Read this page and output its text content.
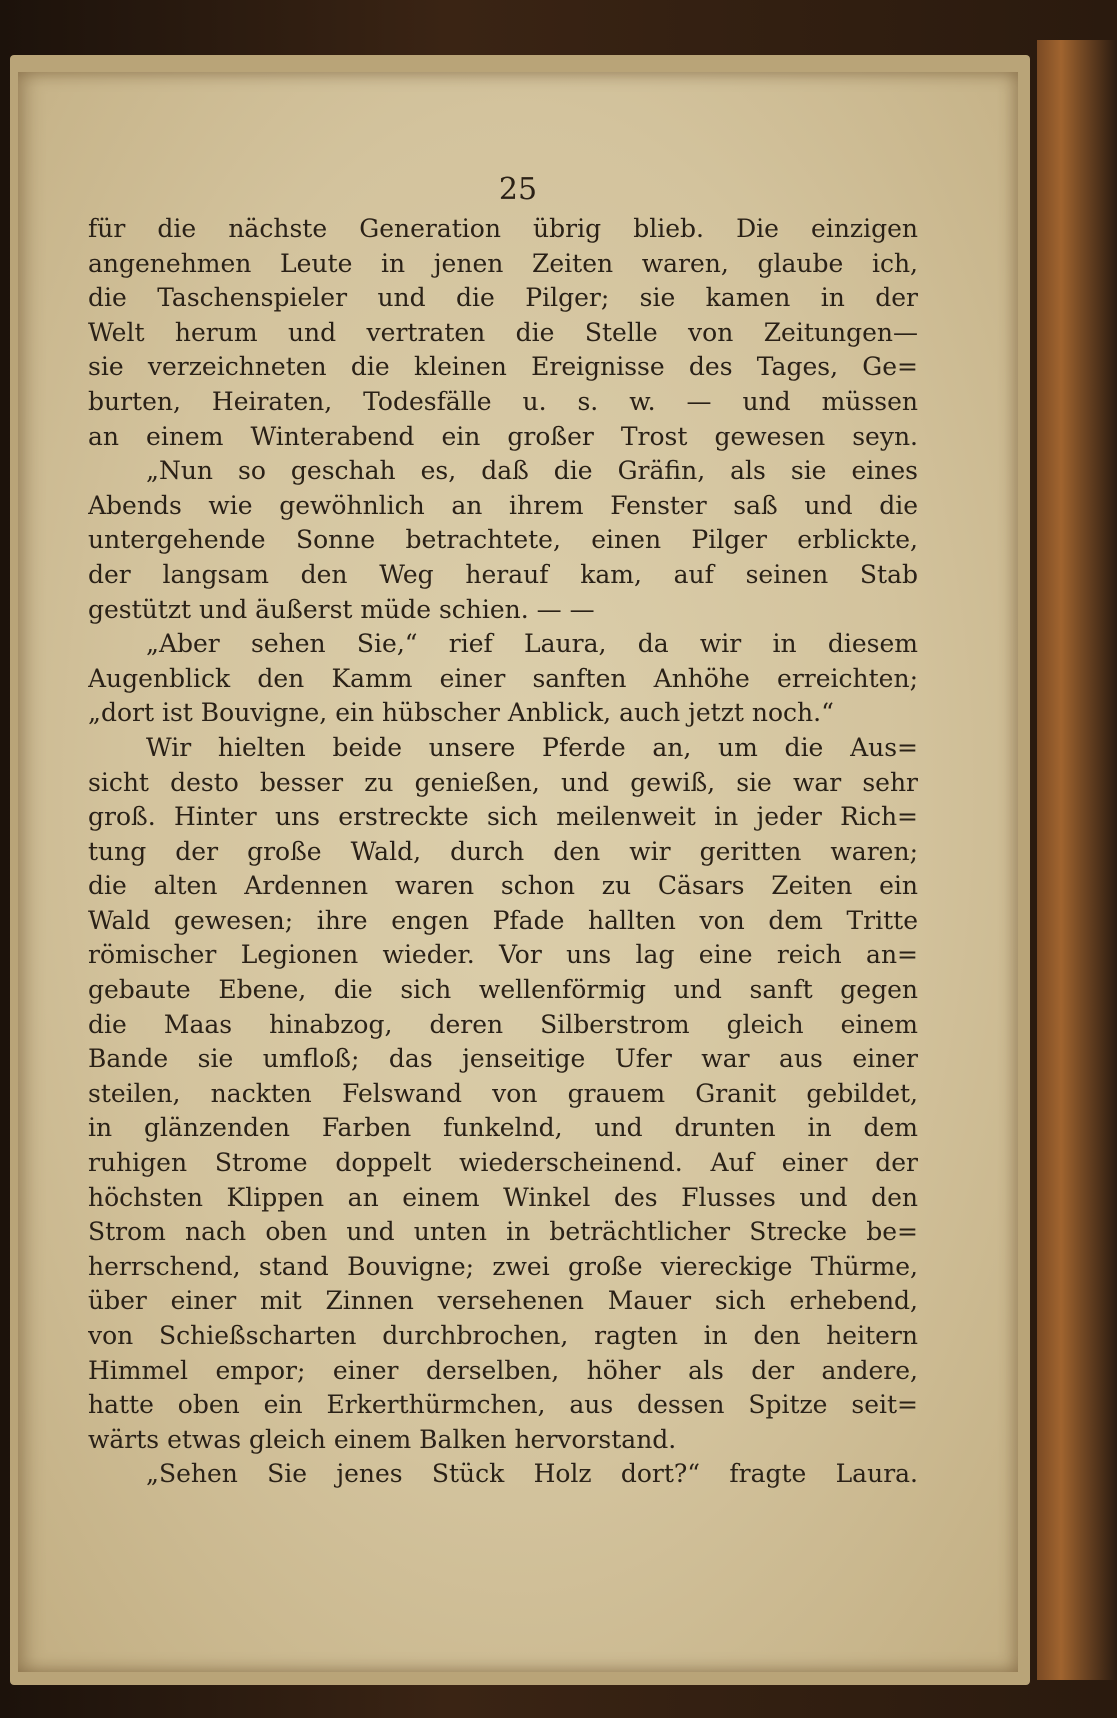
25
für die nächste Generation übrig blieb. Die einzigen
angenehmen Leute in jenen Zeiten waren, glaube ich,
die Taschenspieler und die Pilger; sie kamen in der
Welt herum und vertraten die Stelle von Zeitungen—
sie verzeichneten die kleinen Ereignisse des Tages, Ge=
burten, Heiraten, Todesfälle u. s. w. — und müssen
an einem Winterabend ein großer Trost gewesen seyn.
„Nun so geschah es, daß die Gräfin, als sie eines
Abends wie gewöhnlich an ihrem Fenster saß und die
untergehende Sonne betrachtete, einen Pilger erblickte,
der langsam den Weg herauf kam, auf seinen Stab
gestützt und äußerst müde schien. — —
„Aber sehen Sie,“ rief Laura, da wir in diesem
Augenblick den Kamm einer sanften Anhöhe erreichten;
„dort ist Bouvigne, ein hübscher Anblick, auch jetzt noch.“
Wir hielten beide unsere Pferde an, um die Aus=
sicht desto besser zu genießen, und gewiß, sie war sehr
groß. Hinter uns erstreckte sich meilenweit in jeder Rich=
tung der große Wald, durch den wir geritten waren;
die alten Ardennen waren schon zu Cäsars Zeiten ein
Wald gewesen; ihre engen Pfade hallten von dem Tritte
römischer Legionen wieder. Vor uns lag eine reich an=
gebaute Ebene, die sich wellenförmig und sanft gegen
die Maas hinabzog, deren Silberstrom gleich einem
Bande sie umfloß; das jenseitige Ufer war aus einer
steilen, nackten Felswand von grauem Granit gebildet,
in glänzenden Farben funkelnd, und drunten in dem
ruhigen Strome doppelt wiederscheinend. Auf einer der
höchsten Klippen an einem Winkel des Flusses und den
Strom nach oben und unten in beträchtlicher Strecke be=
herrschend, stand Bouvigne; zwei große viereckige Thürme,
über einer mit Zinnen versehenen Mauer sich erhebend,
von Schießscharten durchbrochen, ragten in den heitern
Himmel empor; einer derselben, höher als der andere,
hatte oben ein Erkerthürmchen, aus dessen Spitze seit=
wärts etwas gleich einem Balken hervorstand.
„Sehen Sie jenes Stück Holz dort?“ fragte Laura.
